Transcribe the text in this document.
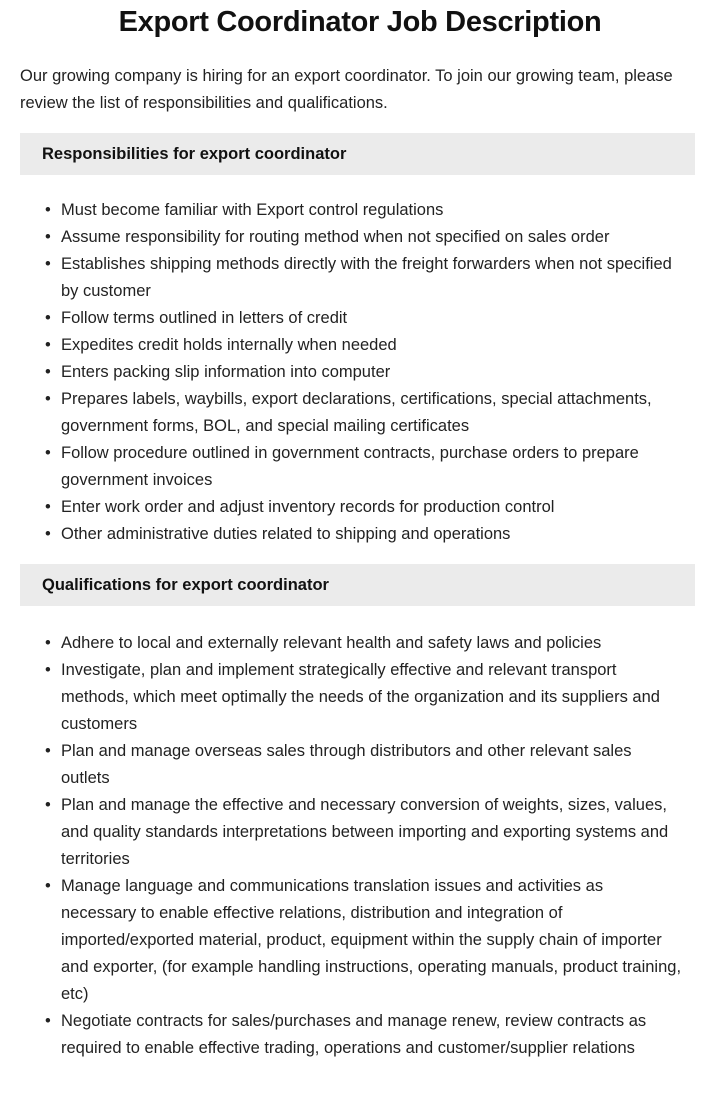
Export Coordinator Job Description

Our growing company is hiring for an export coordinator. To join our growing team, please review the list of responsibilities and qualifications.

Responsibilities for export coordinator
• Must become familiar with Export control regulations
• Assume responsibility for routing method when not specified on sales order
• Establishes shipping methods directly with the freight forwarders when not specified by customer
• Follow terms outlined in letters of credit
• Expedites credit holds internally when needed
• Enters packing slip information into computer
• Prepares labels, waybills, export declarations, certifications, special attachments, government forms, BOL, and special mailing certificates
• Follow procedure outlined in government contracts, purchase orders to prepare government invoices
• Enter work order and adjust inventory records for production control
• Other administrative duties related to shipping and operations
Qualifications for export coordinator
• Adhere to local and externally relevant health and safety laws and policies
• Investigate, plan and implement strategically effective and relevant transport methods, which meet optimally the needs of the organization and its suppliers and customers
• Plan and manage overseas sales through distributors and other relevant sales outlets
• Plan and manage the effective and necessary conversion of weights, sizes, values, and quality standards interpretations between importing and exporting systems and territories
• Manage language and communications translation issues and activities as necessary to enable effective relations, distribution and integration of imported/exported material, product, equipment within the supply chain of importer and exporter, (for example handling instructions, operating manuals, product training, etc)
• Negotiate contracts for sales/purchases and manage renew, review contracts as required to enable effective trading, operations and customer/supplier relations
